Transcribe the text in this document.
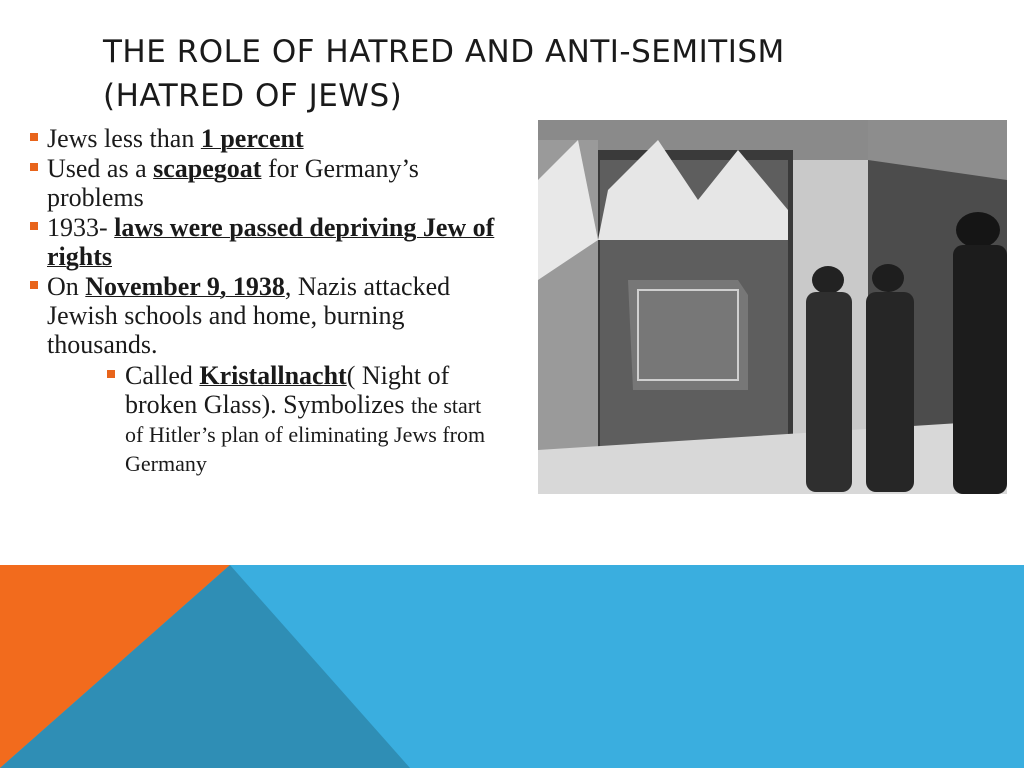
THE ROLE OF HATRED AND ANTI-SEMITISM
(HATRED OF JEWS)
Jews less than 1 percent
Used as a scapegoat for Germany’s problems
1933- laws were passed depriving Jew of rights
On November 9, 1938, Nazis attacked Jewish schools and home, burning thousands.
Called Kristallnacht( Night of broken Glass). Symbolizes the start of Hitler’s plan of eliminating Jews from Germany
